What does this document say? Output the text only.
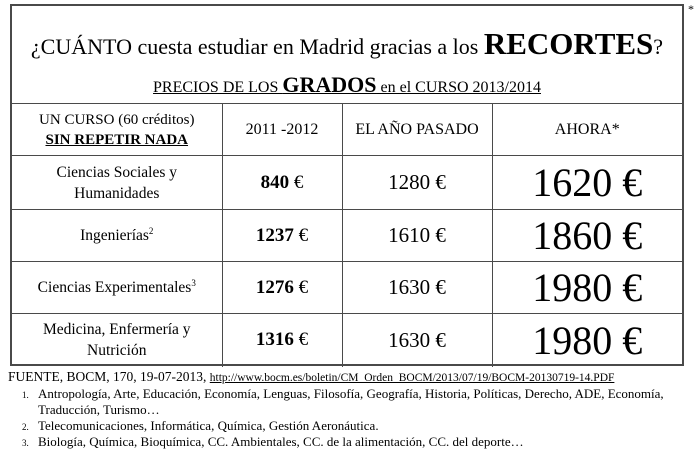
*
¿CUÁNTO cuesta estudiar en Madrid gracias a los RECORTES?
PRECIOS DE LOS GRADOS en el CURSO 2013/2014
UN CURSO (60 créditos)
SIN REPETIR NADA	2011 -2012	EL AÑO PASADO	AHORA*
Ciencias Sociales y Humanidades	840 €	1280 €	1620 €
Ingenierías$^2$	1237 €	1610 €	1860 €
Ciencias Experimentales$^3$	1276 €	1630 €	1980 €
Medicina, Enfermería y Nutrición	1316 €	1630 €	1980 €
FUENTE, BOCM, 170, 19-07-2013, http://www.bocm.es/boletin/CM_Orden_BOCM/2013/07/19/BOCM-20130719-14.PDF
1. Antropología, Arte, Educación, Economía, Lenguas, Filosofía, Geografía, Historia, Políticas, Derecho, ADE, Economía, Traducción, Turismo…
2. Telecomunicaciones, Informática, Química, Gestión Aeronáutica.
3. Biología, Química, Bioquímica, CC. Ambientales, CC. de la alimentación, CC. del deporte…
